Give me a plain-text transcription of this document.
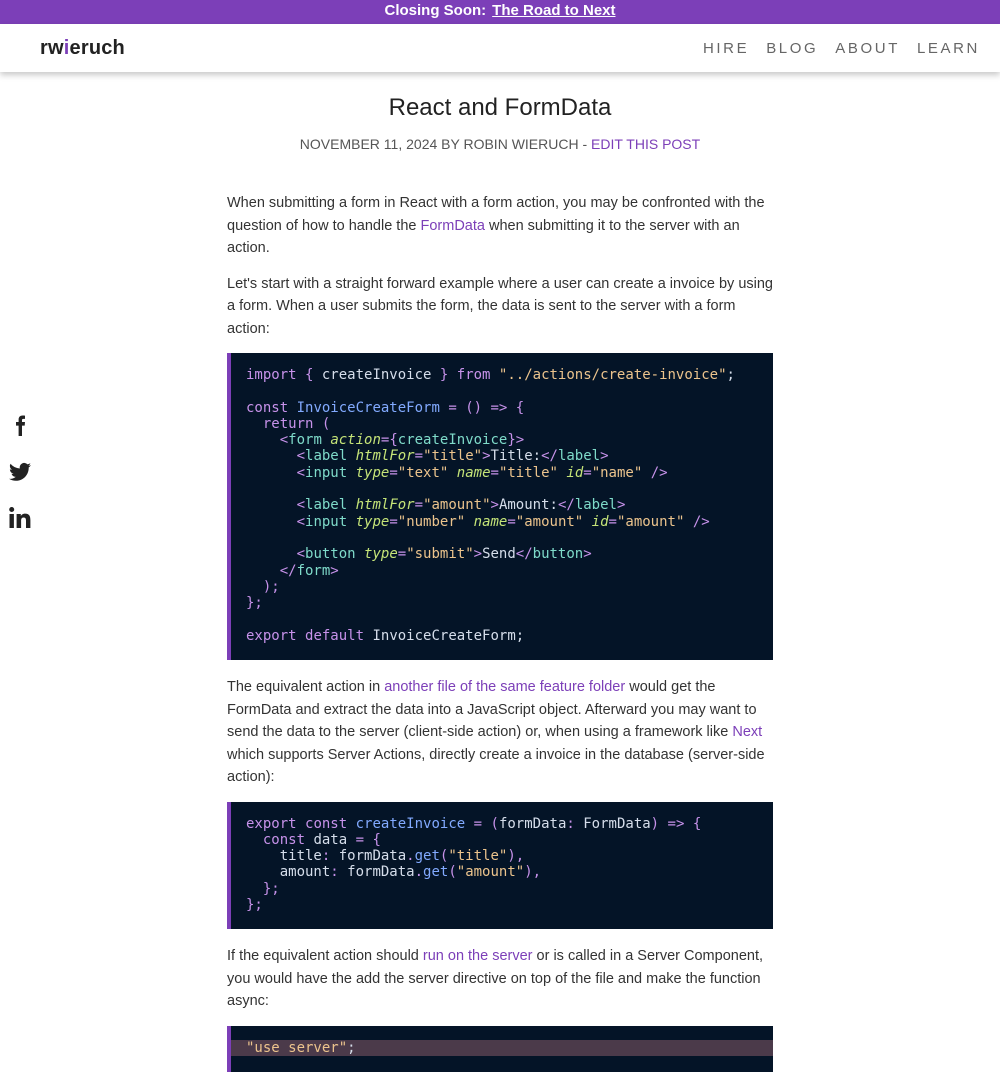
Closing Soon: The Road to Next
rwieruch	HIRE BLOG ABOUT LEARN
React and FormData
NOVEMBER 11, 2024 BY ROBIN WIERUCH - EDIT THIS POST

When submitting a form in React with a form action, you may be confronted with the question of how to handle the FormData when submitting it to the server with an action.

Let's start with a straight forward example where a user can create a invoice by using a form. When a user submits the form, the data is sent to the server with a form action:

import { createInvoice } from "../actions/create-invoice";
const InvoiceCreateForm = () => {
return (
<form action={createInvoice}>
<label htmlFor="title">Title:</label>
<input type="text" name="title" id="name" />
<label htmlFor="amount">Amount:</label>
<input type="number" name="amount" id="amount" />
<button type="submit">Send</button>
</form>
);
};
export default InvoiceCreateForm;

The equivalent action in another file of the same feature folder would get the FormData and extract the data into a JavaScript object. Afterward you may want to send the data to the server (client-side action) or, when using a framework like Next which supports Server Actions, directly create a invoice in the database (server-side action):

export const createInvoice = (formData: FormData) => {
const data = {
title: formData.get("title"),
amount: formData.get("amount"),
};
};

If the equivalent action should run on the server or is called in a Server Component, you would have the add the server directive on top of the file and make the function async:

"use server";
